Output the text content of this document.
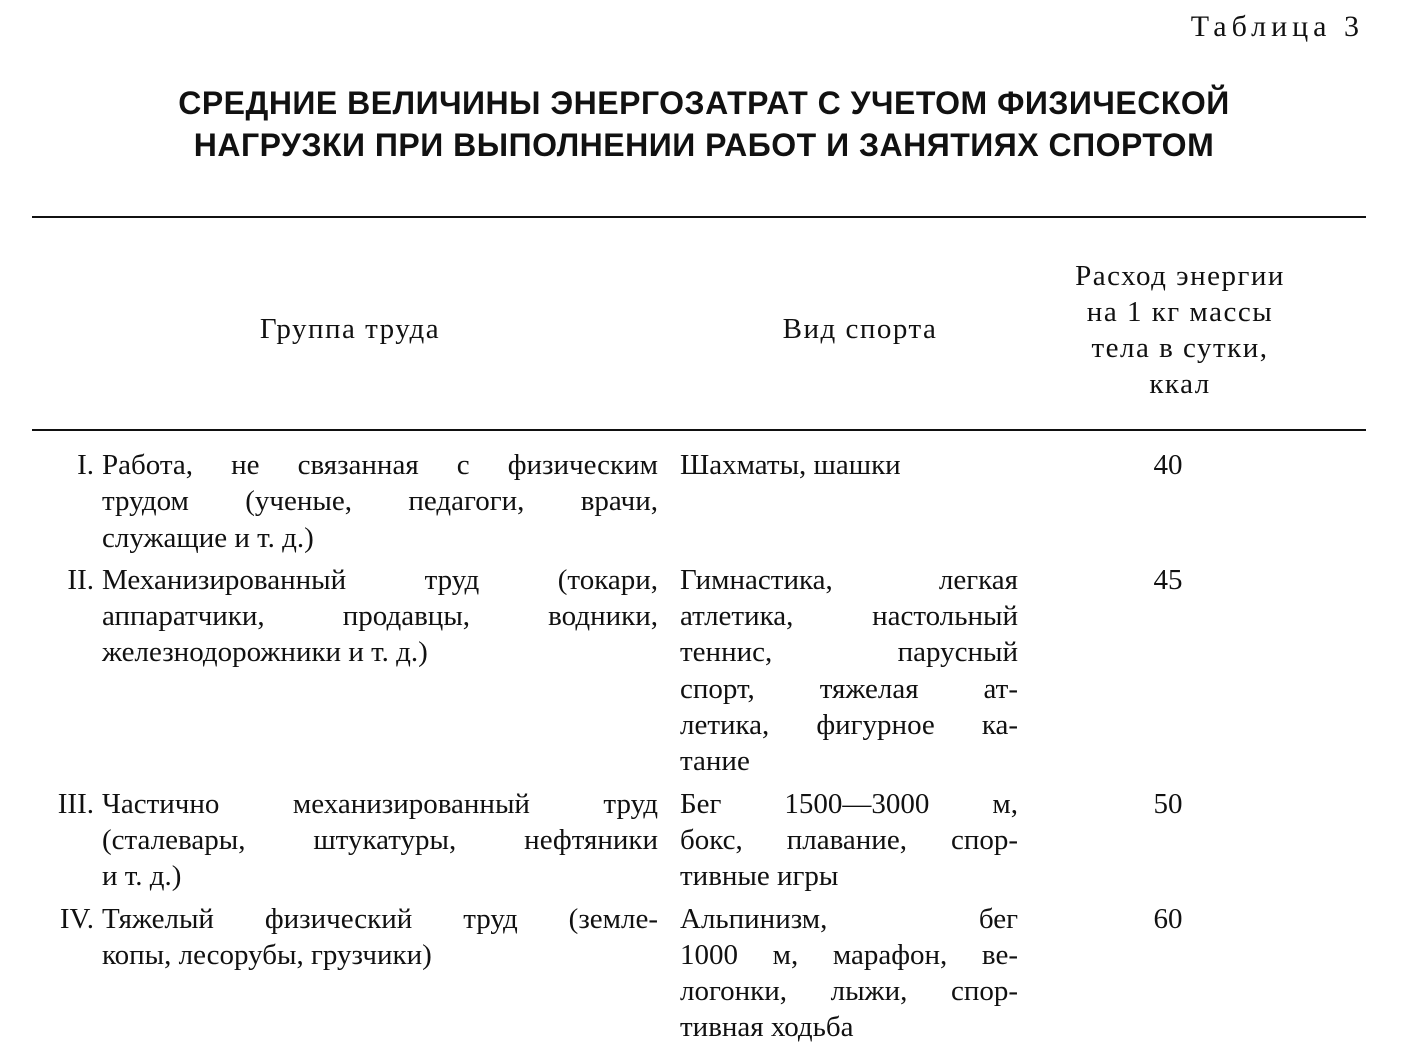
Таблица 3
СРЕДНИЕ ВЕЛИЧИНЫ ЭНЕРГОЗАТРАТ С УЧЕТОМ ФИЗИЧЕСКОЙ
НАГРУЗКИ ПРИ ВЫПОЛНЕНИИ РАБОТ И ЗАНЯТИЯХ СПОРТОМ
Группа труда	Вид спорта
Расход энергии
на 1 кг массы
тела в сутки,
ккал
I. Работа, не связанная с физическим
трудом (ученые, педагоги, врачи,
служащие и т. д.)
Шахматы, шашки	40
II. Механизированный труд (токари,
аппаратчики, продавцы, водники,
железнодорожники и т. д.)
Гимнастика, легкая
атлетика, настольный
теннис, парусный
спорт, тяжелая ат-
летика, фигурное ка-
тание
45
III. Частично механизированный труд
(сталевары, штукатуры, нефтяники
и т. д.)
Бег 1500—3000 м,
бокс, плавание, спор-
тивные игры
50
IV. Тяжелый физический труд (земле-
копы, лесорубы, грузчики)
Альпинизм, бег
1000 м, марафон, ве-
логонки, лыжи, спор-
тивная ходьба
60
